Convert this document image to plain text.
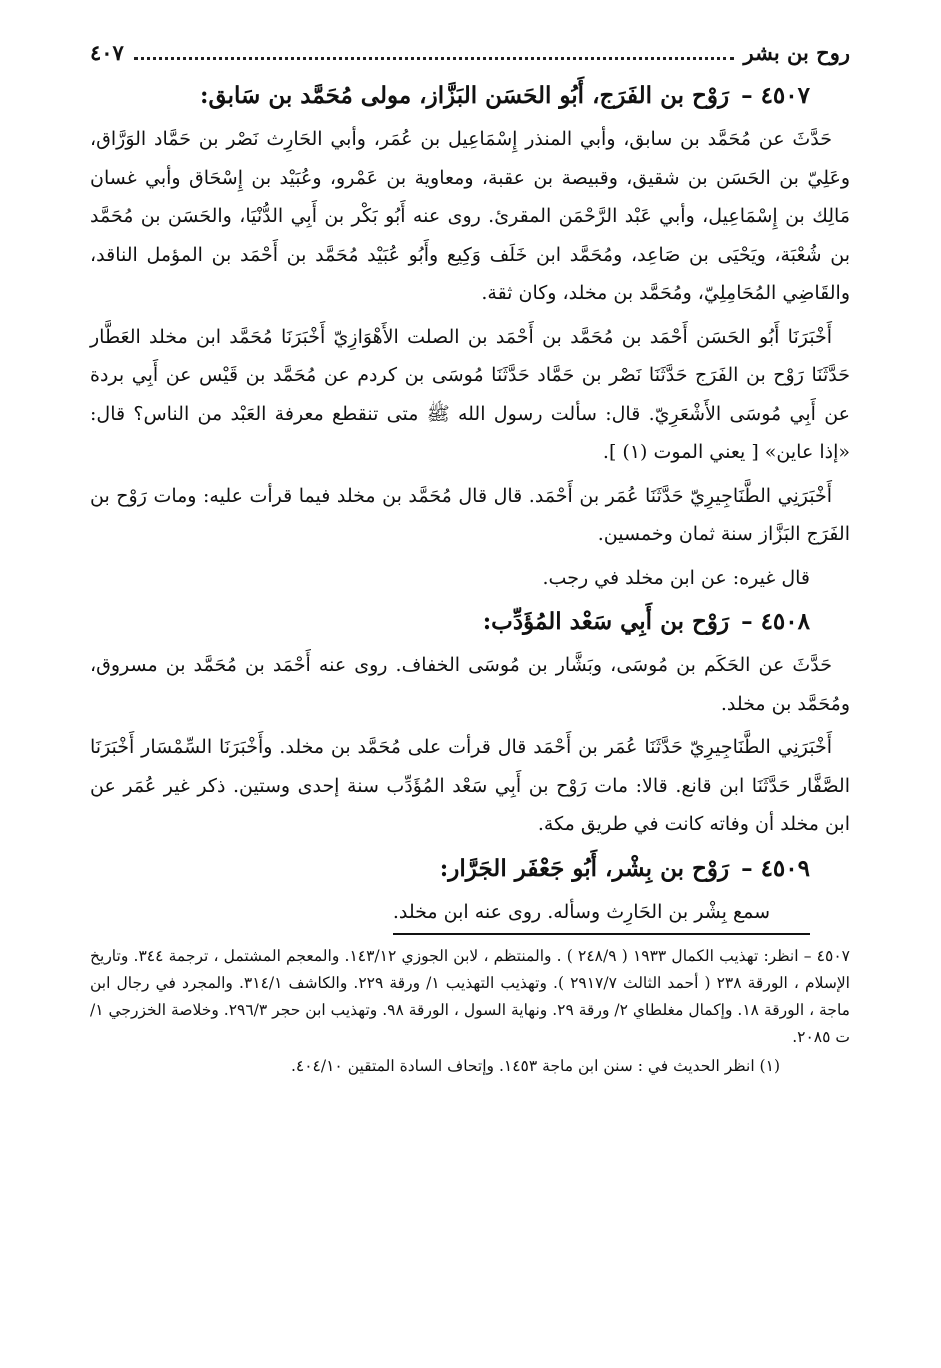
روح بن بشر
٤٠٧
٤٥٠٧ –رَوْح بن الفَرَج، أَبُو الحَسَن البَزَّاز، مولى مُحَمَّد بن سَابق:

حَدَّثَ عن مُحَمَّد بن سابق، وأبي المنذر إِسْمَاعِيل بن عُمَر، وأبي الحَارِث نَصْر بن حَمَّاد الوَرَّاق، وعَلِيّ بن الحَسَن بن شقيق، وقبيصة بن عقبة، ومعاوية بن عَمْرو، وعُبَيْد بن إِسْحَاق وأبي غسان مَالِك بن إِسْمَاعِيل، وأبي عَبْد الرَّحْمَن المقرئ. روى عنه أَبُو بَكْر بن أَبِي الدُّنْيَا، والحَسَن بن مُحَمَّد بن شُعْبَة، ويَحْيَى بن صَاعِد، ومُحَمَّد ابن خَلَف وَكِيع وأَبُو عُبَيْد مُحَمَّد بن أَحْمَد بن المؤمل الناقد، والقَاضِي المُحَامِلِيّ، ومُحَمَّد بن مخلد، وكان ثقة.

أَخْبَرَنَا أَبُو الحَسَن أَحْمَد بن مُحَمَّد بن أَحْمَد بن الصلت الأَهْوَازِيّ أَخْبَرَنَا مُحَمَّد ابن مخلد العَطَّار حَدَّثَنَا رَوْح بن الفَرَج حَدَّثَنَا نَصْر بن حَمَّاد حَدَّثَنَا مُوسَى بن كردم عن مُحَمَّد بن قَيْس عن أَبِي بردة عن أَبِي مُوسَى الأَشْعَرِيّ. قال: سألت رسول الله ﷺ متى تنقطع معرفة العَبْد من الناس؟ قال: «إذا عاين» [ يعني الموت (١) ].

أَخْبَرَنِي الطَّنَاجِيرِيّ حَدَّثَنَا عُمَر بن أَحْمَد. قال قال مُحَمَّد بن مخلد فيما قرأت عليه: ومات رَوْح بن الفَرَج البَزَّاز سنة ثمان وخمسين.

قال غيره: عن ابن مخلد في رجب.

٤٥٠٨ –رَوْح بن أَبِي سَعْد المُؤَدِّب:

حَدَّثَ عن الحَكَم بن مُوسَى، وبَشَّار بن مُوسَى الخفاف. روى عنه أَحْمَد بن مُحَمَّد بن مسروق، ومُحَمَّد بن مخلد.

أَخْبَرَنِي الطَّنَاجِيرِيّ حَدَّثَنَا عُمَر بن أَحْمَد قال قرأت على مُحَمَّد بن مخلد. وأَخْبَرَنَا السِّمْسَار أَخْبَرَنَا الصَّفَّار حَدَّثَنَا ابن قانع. قالا: مات رَوْح بن أَبِي سَعْد المُؤَدِّب سنة إحدى وستين. ذكر غير عُمَر عن ابن مخلد أن وفاته كانت في طريق مكة.

٤٥٠٩ –رَوْح بن بِشْر، أَبُو جَعْفَر الجَرَّار:

سمع بِشْر بن الحَارِث وسأله. روى عنه ابن مخلد.

٤٥٠٧ – انظر: تهذيب الكمال ١٩٣٣ ( ٢٤٨/٩ ) . والمنتظم ، لابن الجوزي ١٤٣/١٢. والمعجم المشتمل ، ترجمة ٣٤٤. وتاريخ الإسلام ، الورقة ٢٣٨ ( أحمد الثالث ٢٩١٧/٧ ). وتهذيب التهذيب ١/ ورقة ٢٢٩. والكاشف ٣١٤/١. والمجرد في رجال ابن ماجة ، الورقة ١٨. وإكمال مغلطاي ٢/ ورقة ٢٩. ونهاية السول ، الورقة ٩٨. وتهذيب ابن حجر ٢٩٦/٣. وخلاصة الخزرجي ١/ ت ٢٠٨٥.

(١) انظر الحديث في : سنن ابن ماجة ١٤٥٣. وإتحاف السادة المتقين ٤٠٤/١٠.
